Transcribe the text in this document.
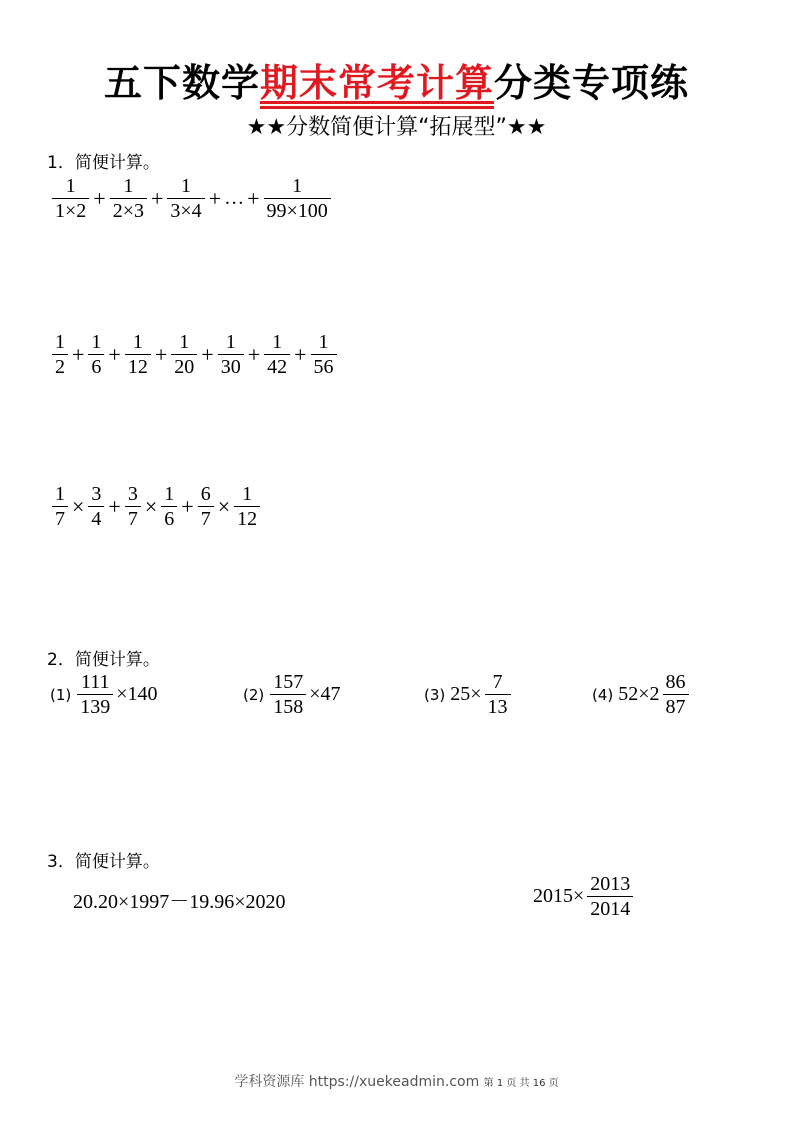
五下数学期末常考计算分类专项练
★★分数简便计算“拓展型”★★
1．简便计算。
$\frac{1}{1\times 2} + \frac{1}{2\times 3} + \frac{1}{3\times 4}$ + … + $\frac{1}{99\times 100}$
$\frac{1}{2} + \frac{1}{6} + \frac{1}{12} + \frac{1}{20} + \frac{1}{30} + \frac{1}{42} + \frac{1}{56}$
$\frac{1}{7} \times \frac{3}{4} + \frac{3}{7} \times \frac{1}{6} + \frac{6}{7} \times \frac{1}{12}$
2．简便计算。
$(1) \frac{111}{139} \times 140$	$(2) \frac{157}{158} \times 47$	(3) $25\times \frac{7}{13}$	(4) $52\times 2 \frac{86}{87}$
3．简便计算。
20.20×1997－19.96×2020	$2015\times \frac{2013}{2014}$
学科资源库 https://xuekeadmin.com 第 1 页 共 16 页
